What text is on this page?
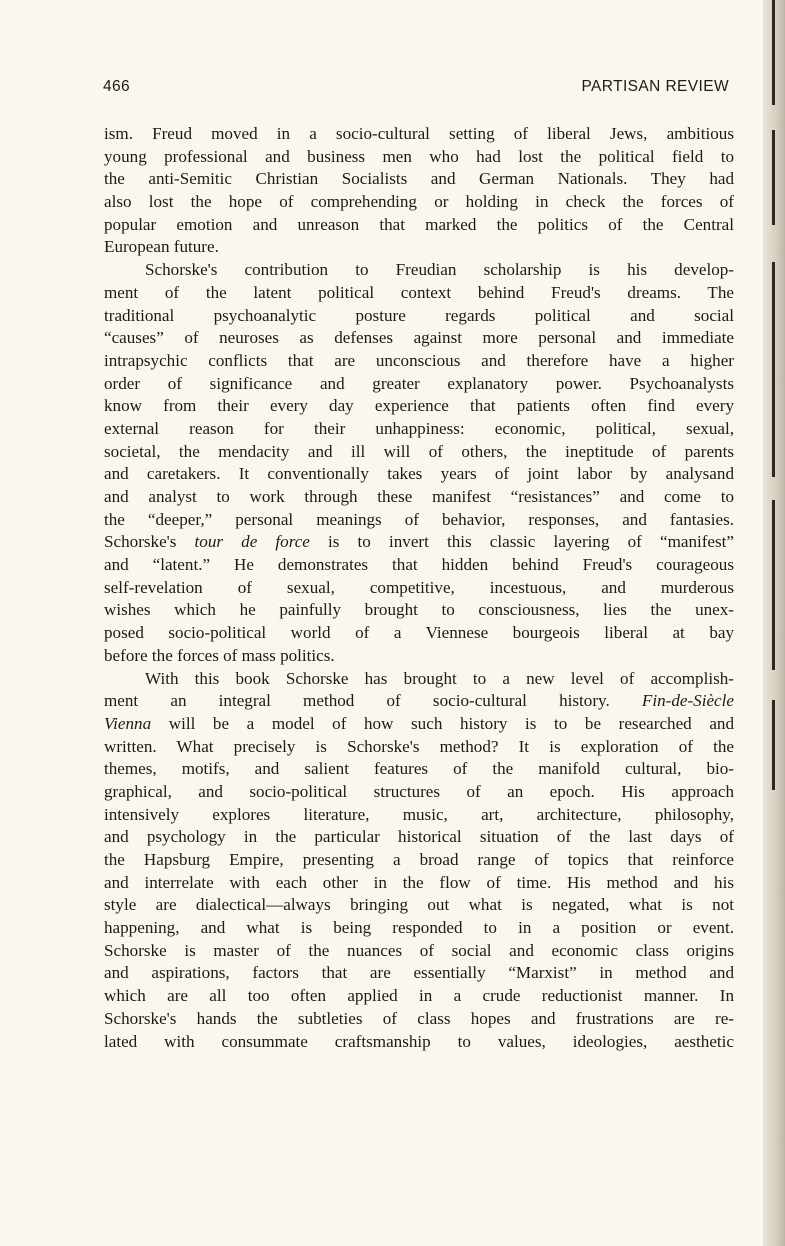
466	PARTISAN REVIEW
ism. Freud moved in a socio-cultural setting of liberal Jews, ambitious
young professional and business men who had lost the political field to
the anti-Semitic Christian Socialists and German Nationals. They had
also lost the hope of comprehending or holding in check the forces of
popular emotion and unreason that marked the politics of the Central
European future.
Schorske's contribution to Freudian scholarship is his develop-
ment of the latent political context behind Freud's dreams. The
traditional psychoanalytic posture regards political and social
“causes” of neuroses as defenses against more personal and immediate
intrapsychic conflicts that are unconscious and therefore have a higher
order of significance and greater explanatory power. Psychoanalysts
know from their every day experience that patients often find every
external reason for their unhappiness: economic, political, sexual,
societal, the mendacity and ill will of others, the ineptitude of parents
and caretakers. It conventionally takes years of joint labor by analysand
and analyst to work through these manifest “resistances” and come to
the “deeper,” personal meanings of behavior, responses, and fantasies.
Schorske's tour de force is to invert this classic layering of “manifest”
and “latent.” He demonstrates that hidden behind Freud's courageous
self-revelation of sexual, competitive, incestuous, and murderous
wishes which he painfully brought to consciousness, lies the unex-
posed socio-political world of a Viennese bourgeois liberal at bay
before the forces of mass politics.
With this book Schorske has brought to a new level of accomplish-
ment an integral method of socio-cultural history. Fin-de-Siècle
Vienna will be a model of how such history is to be researched and
written. What precisely is Schorske's method? It is exploration of the
themes, motifs, and salient features of the manifold cultural, bio-
graphical, and socio-political structures of an epoch. His approach
intensively explores literature, music, art, architecture, philosophy,
and psychology in the particular historical situation of the last days of
the Hapsburg Empire, presenting a broad range of topics that reinforce
and interrelate with each other in the flow of time. His method and his
style are dialectical—always bringing out what is negated, what is not
happening, and what is being responded to in a position or event.
Schorske is master of the nuances of social and economic class origins
and aspirations, factors that are essentially “Marxist” in method and
which are all too often applied in a crude reductionist manner. In
Schorske's hands the subtleties of class hopes and frustrations are re-
lated with consummate craftsmanship to values, ideologies, aesthetic
